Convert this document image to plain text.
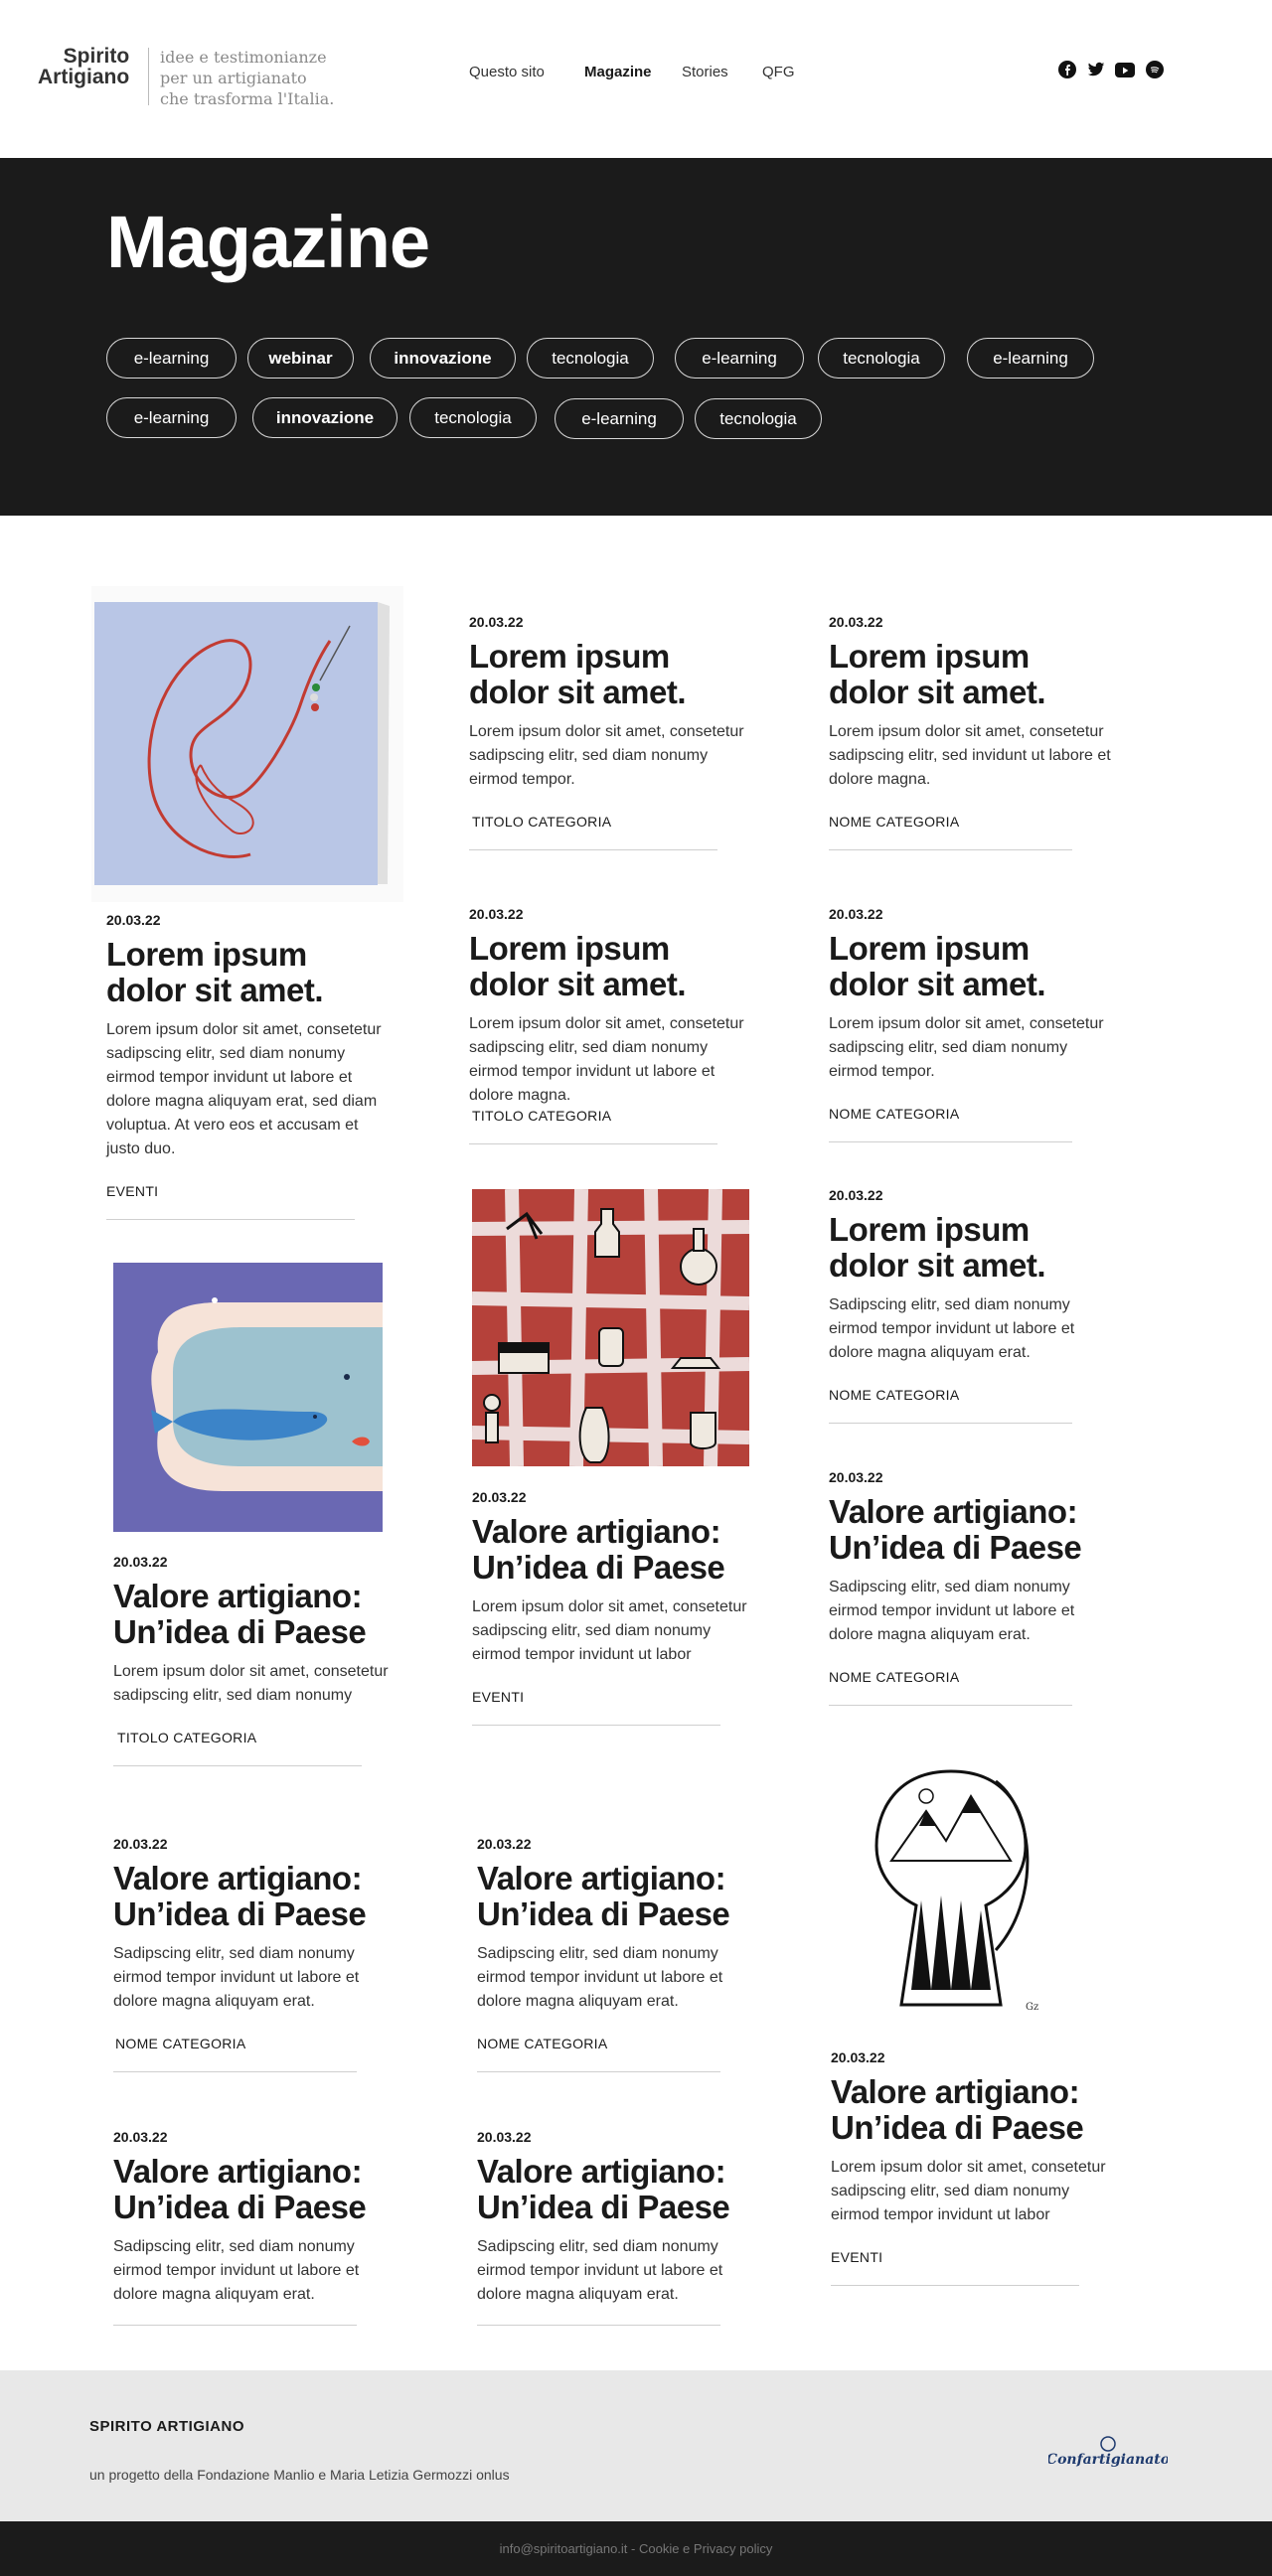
Spirito
Artigiano
idee e testimonianze
per un artigianato
che trasforma l'Italia.
Questo sito	Magazine Stories QFG
Magazine
e-learning	webinar	innovazione	tecnologia	e-learning	tecnologia	e-learning
e-learning	innovazione	tecnologia	e-learning	tecnologia
Gz
20.03.22
Lorem ipsum dolor sit amet.

Lorem ipsum dolor sit amet, consetetur sadipscing elitr, sed diam nonumy eirmod tempor invidunt ut labore et dolore magna aliquyam erat, sed diam voluptua. At vero eos et accusam et justo duo.

EVENTI
20.03.22
Valore artigiano: Un’idea di Paese

Lorem ipsum dolor sit amet, consetetur sadipscing elitr, sed diam nonumy

TITOLO CATEGORIA
20.03.22
Valore artigiano: Un’idea di Paese

Sadipscing elitr, sed diam nonumy eirmod tempor invidunt ut labore et dolore magna aliquyam erat.

NOME CATEGORIA
20.03.22
Valore artigiano: Un’idea di Paese

Sadipscing elitr, sed diam nonumy eirmod tempor invidunt ut labore et dolore magna aliquyam erat.

20.03.22
Lorem ipsum dolor sit amet.

Lorem ipsum dolor sit amet, consetetur sadipscing elitr, sed diam nonumy eirmod tempor.

TITOLO CATEGORIA
20.03.22
Lorem ipsum dolor sit amet.

Lorem ipsum dolor sit amet, consetetur sadipscing elitr, sed diam nonumy eirmod tempor invidunt ut labore et dolore magna.

TITOLO CATEGORIA
20.03.22
Valore artigiano: Un’idea di Paese

Lorem ipsum dolor sit amet, consetetur sadipscing elitr, sed diam nonumy eirmod tempor invidunt ut labor

EVENTI
20.03.22
Valore artigiano: Un’idea di Paese

Sadipscing elitr, sed diam nonumy eirmod tempor invidunt ut labore et dolore magna aliquyam erat.

NOME CATEGORIA
20.03.22
Valore artigiano: Un’idea di Paese

Sadipscing elitr, sed diam nonumy eirmod tempor invidunt ut labore et dolore magna aliquyam erat.

20.03.22
Lorem ipsum dolor sit amet.

Lorem ipsum dolor sit amet, consetetur sadipscing elitr, sed invidunt ut labore et dolore magna.

NOME CATEGORIA
20.03.22
Lorem ipsum dolor sit amet.

Lorem ipsum dolor sit amet, consetetur sadipscing elitr, sed diam nonumy eirmod tempor.

NOME CATEGORIA
20.03.22
Lorem ipsum dolor sit amet.

Sadipscing elitr, sed diam nonumy eirmod tempor invidunt ut labore et dolore magna aliquyam erat.

NOME CATEGORIA
20.03.22
Valore artigiano: Un’idea di Paese

Sadipscing elitr, sed diam nonumy eirmod tempor invidunt ut labore et dolore magna aliquyam erat.

NOME CATEGORIA
20.03.22
Valore artigiano: Un’idea di Paese

Lorem ipsum dolor sit amet, consetetur sadipscing elitr, sed diam nonumy eirmod tempor invidunt ut labor

EVENTI
SPIRITO ARTIGIANO
un progetto della Fondazione Manlio e Maria Letizia Germozzi onlus
Confartigianato
info@spiritoartigiano.it - Cookie e Privacy policy
